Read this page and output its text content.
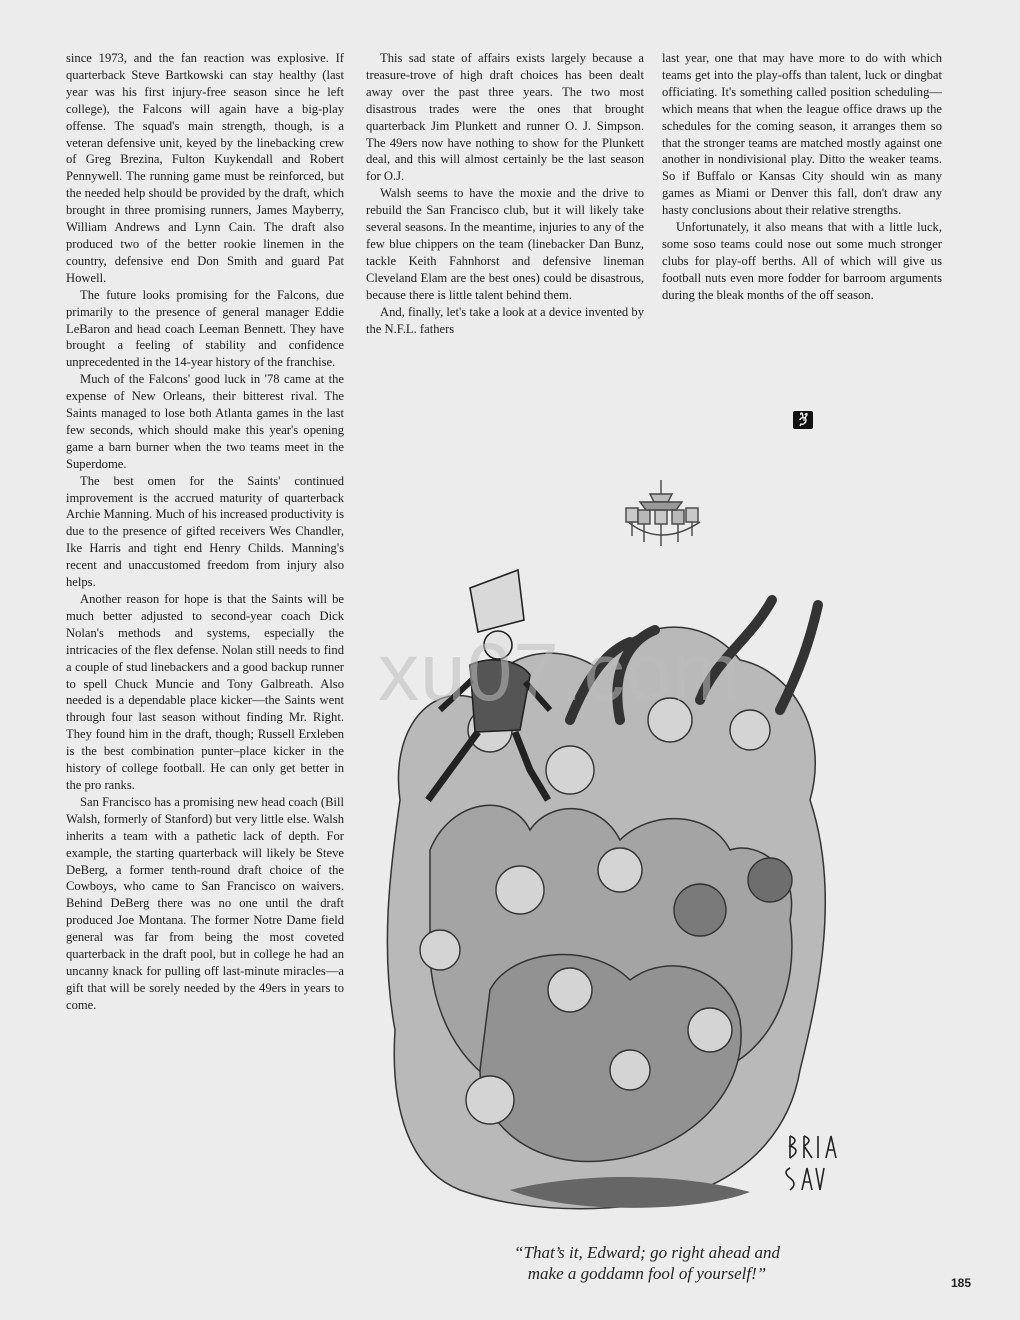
since 1973, and the fan reaction was explosive. If quarterback Steve Bartkowski can stay healthy (last year was his first injury-free season since he left college), the Falcons will again have a big-play offense. The squad's main strength, though, is a veteran defensive unit, keyed by the linebacking crew of Greg Brezina, Fulton Kuykendall and Robert Pennywell. The running game must be reinforced, but the needed help should be provided by the draft, which brought in three promising runners, James Mayberry, William Andrews and Lynn Cain. The draft also produced two of the better rookie linemen in the country, defensive end Don Smith and guard Pat Howell.

The future looks promising for the Falcons, due primarily to the presence of general manager Eddie LeBaron and head coach Leeman Bennett. They have brought a feeling of stability and confidence unprecedented in the 14-year history of the franchise.

Much of the Falcons' good luck in '78 came at the expense of New Orleans, their bitterest rival. The Saints managed to lose both Atlanta games in the last few seconds, which should make this year's opening game a barn burner when the two teams meet in the Superdome.

The best omen for the Saints' continued improvement is the accrued maturity of quarterback Archie Manning. Much of his increased productivity is due to the presence of gifted receivers Wes Chandler, Ike Harris and tight end Henry Childs. Manning's recent and unaccustomed freedom from injury also helps.

Another reason for hope is that the Saints will be much better adjusted to second-year coach Dick Nolan's methods and systems, especially the intricacies of the flex defense. Nolan still needs to find a couple of stud linebackers and a good backup runner to spell Chuck Muncie and Tony Galbreath. Also needed is a dependable place kicker—the Saints went through four last season without finding Mr. Right. They found him in the draft, though; Russell Erxleben is the best combination punter–place kicker in the history of college football. He can only get better in the pro ranks.

San Francisco has a promising new head coach (Bill Walsh, formerly of Stanford) but very little else. Walsh inherits a team with a pathetic lack of depth. For example, the starting quarterback will likely be Steve DeBerg, a former tenth-round draft choice of the Cowboys, who came to San Francisco on waivers. Behind DeBerg there was no one until the draft produced Joe Montana. The former Notre Dame field general was far from being the most coveted quarterback in the draft pool, but in college he had an uncanny knack for pulling off last-minute miracles—a gift that will be sorely needed by the 49ers in years to come.

This sad state of affairs exists largely because a treasure-trove of high draft choices has been dealt away over the past three years. The two most disastrous trades were the ones that brought quarterback Jim Plunkett and runner O. J. Simpson. The 49ers now have nothing to show for the Plunkett deal, and this will almost certainly be the last season for O.J.

Walsh seems to have the moxie and the drive to rebuild the San Francisco club, but it will likely take several seasons. In the meantime, injuries to any of the few blue chippers on the team (linebacker Dan Bunz, tackle Keith Fahnhorst and defensive lineman Cleveland Elam are the best ones) could be disastrous, because there is little talent behind them.

And, finally, let's take a look at a device invented by the N.F.L. fathers

last year, one that may have more to do with which teams get into the play-offs than talent, luck or dingbat officiating. It's something called position scheduling—which means that when the league office draws up the schedules for the coming season, it arranges them so that the stronger teams are matched mostly against one another in nondivisional play. Ditto the weaker teams. So if Buffalo or Kansas City should win as many games as Miami or Denver this fall, don't draw any hasty conclusions about their relative strengths.

Unfortunately, it also means that with a little luck, some soso teams could nose out some much stronger clubs for play-off berths. All of which will give us football nuts even more fodder for barroom arguments during the bleak months of the off season.

“That’s it, Edward; go right ahead and
make a goddamn fool of yourself!”
xu07.com
185
